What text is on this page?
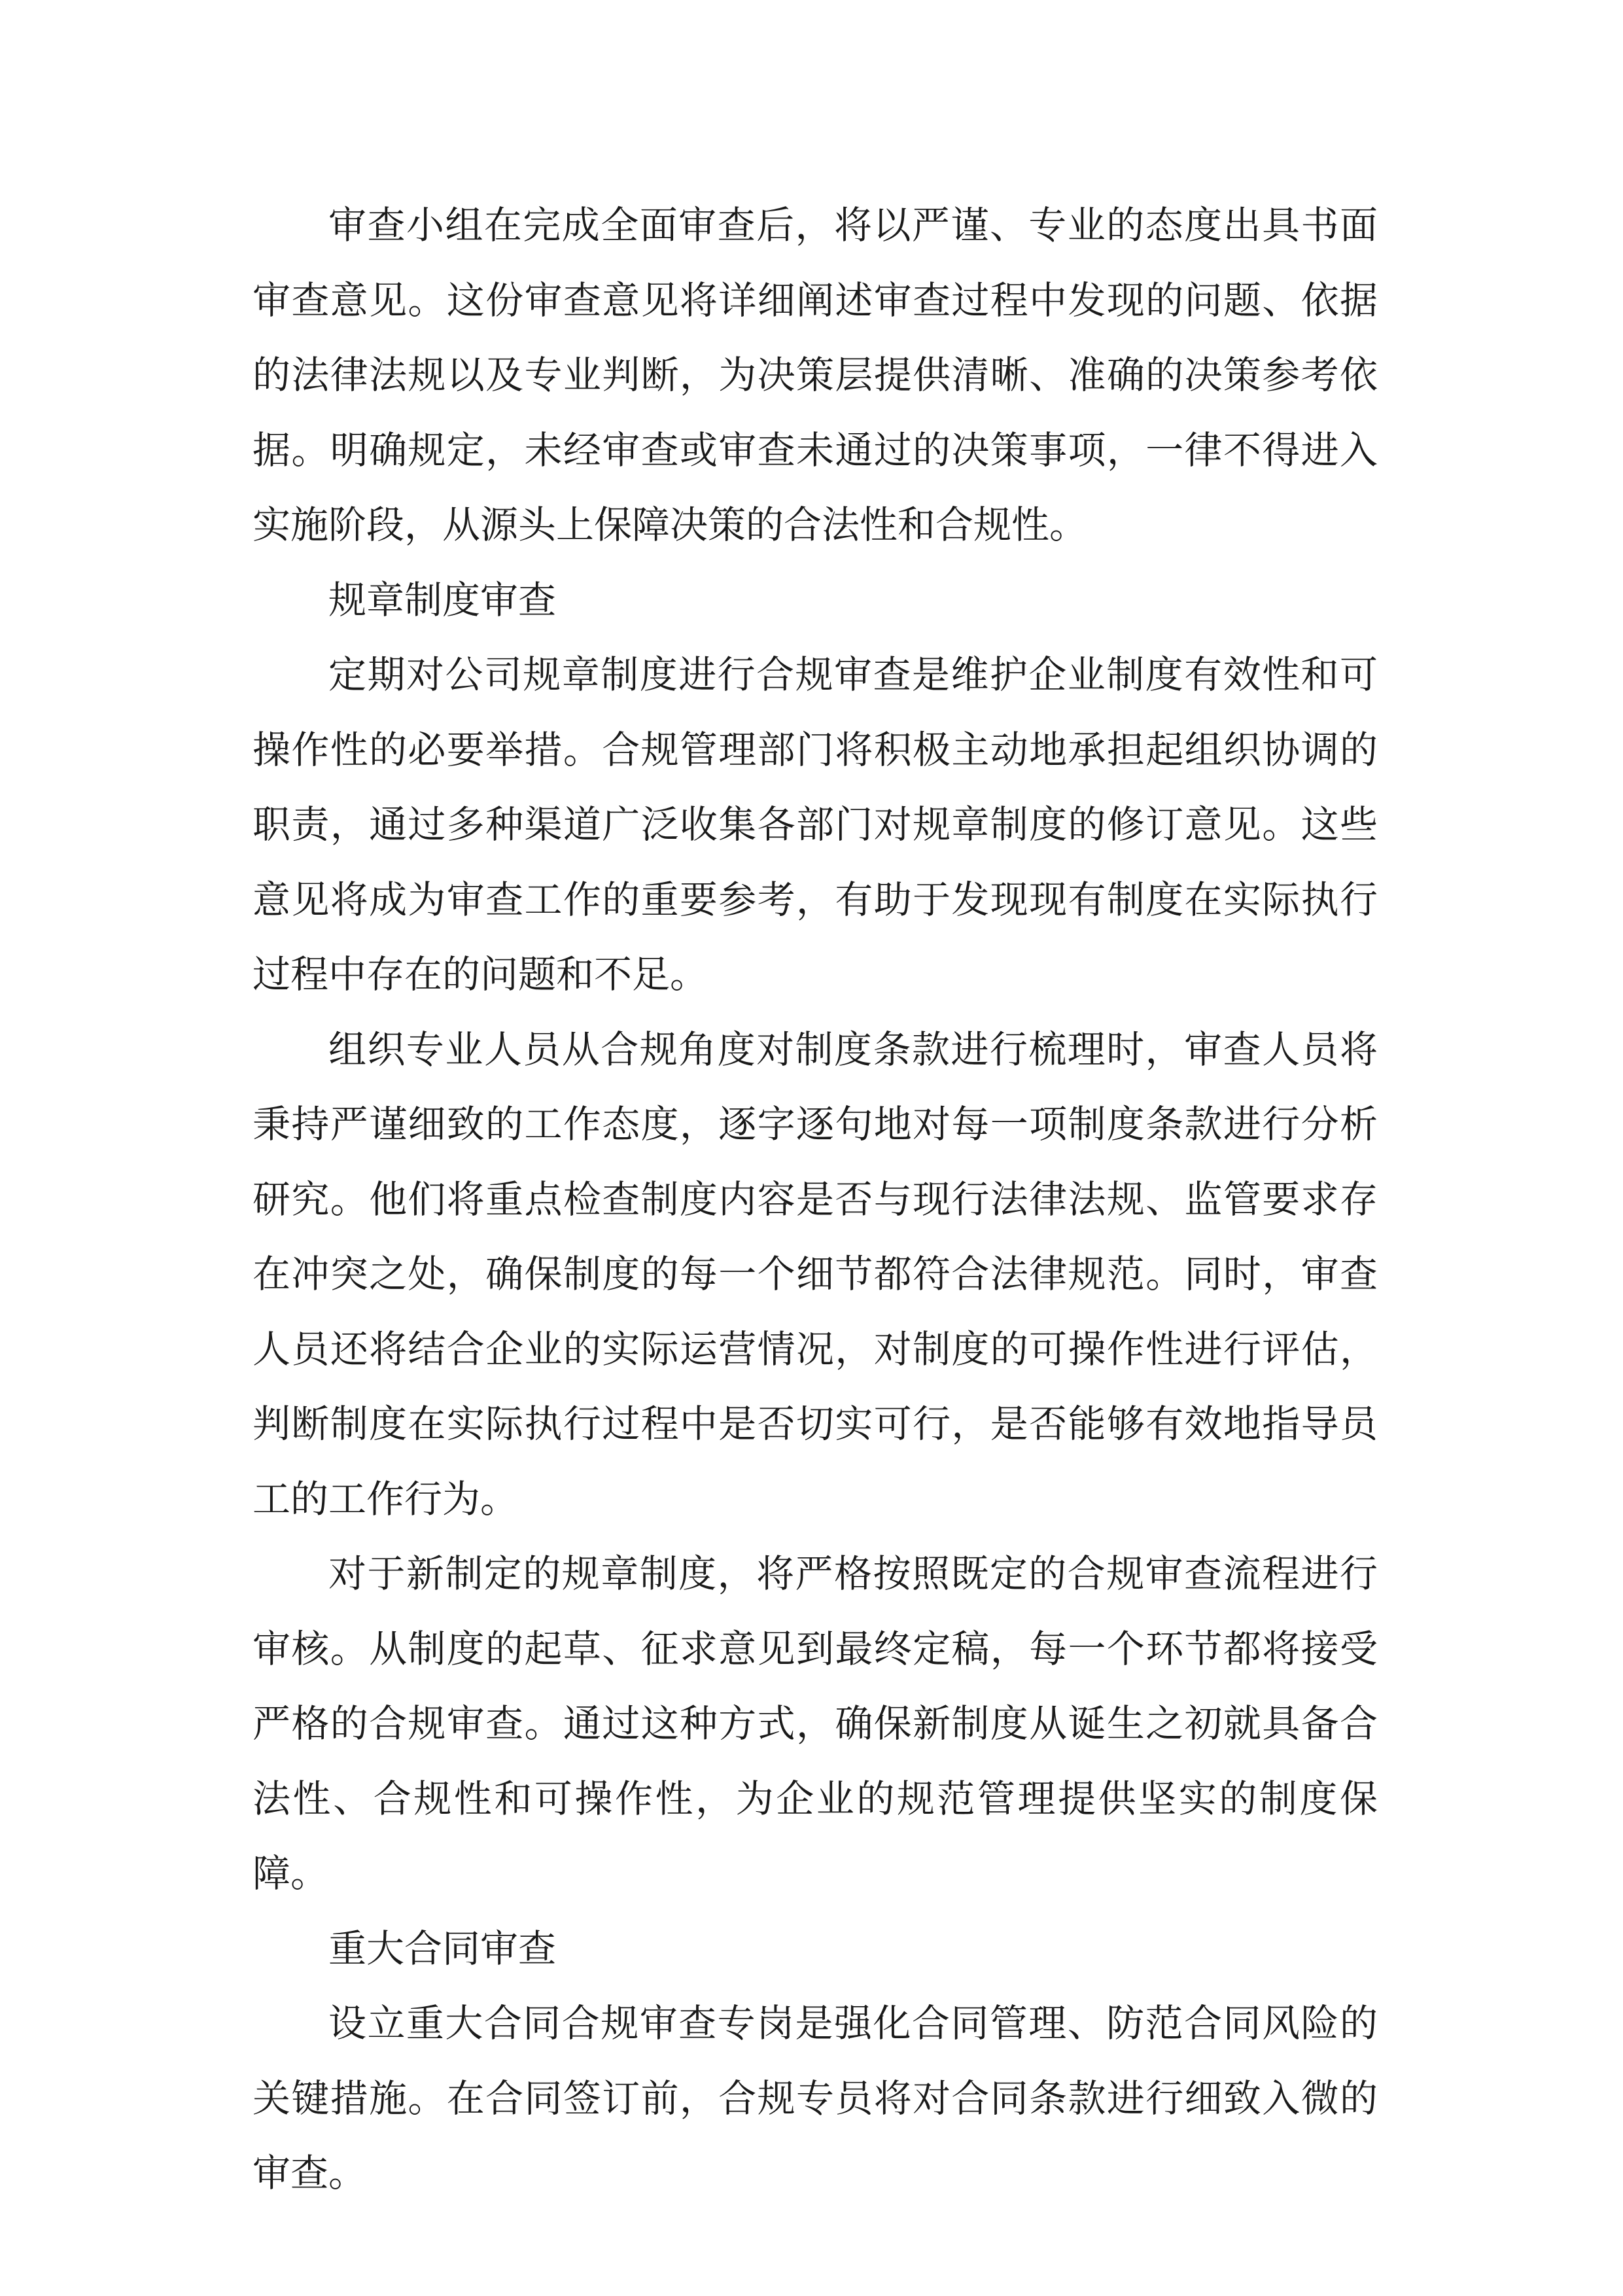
审查小组在完成全面审查后，将以严谨、专业的态度出具书面审查意见。这份审查意见将详细阐述审查过程中发现的问题、依据的法律法规以及专业判断，为决策层提供清晰、准确的决策参考依据。明确规定，未经审查或审查未通过的决策事项，一律不得进入实施阶段，从源头上保障决策的合法性和合规性。

规章制度审查

定期对公司规章制度进行合规审查是维护企业制度有效性和可操作性的必要举措。合规管理部门将积极主动地承担起组织协调的职责，通过多种渠道广泛收集各部门对规章制度的修订意见。这些意见将成为审查工作的重要参考，有助于发现现有制度在实际执行过程中存在的问题和不足。

组织专业人员从合规角度对制度条款进行梳理时，审查人员将秉持严谨细致的工作态度，逐字逐句地对每一项制度条款进行分析研究。他们将重点检查制度内容是否与现行法律法规、监管要求存在冲突之处，确保制度的每一个细节都符合法律规范。同时，审查人员还将结合企业的实际运营情况，对制度的可操作性进行评估，判断制度在实际执行过程中是否切实可行，是否能够有效地指导员工的工作行为。

对于新制定的规章制度，将严格按照既定的合规审查流程进行审核。从制度的起草、征求意见到最终定稿，每一个环节都将接受严格的合规审查。通过这种方式，确保新制度从诞生之初就具备合法性、合规性和可操作性，为企业的规范管理提供坚实的制度保障。

重大合同审查

设立重大合同合规审查专岗是强化合同管理、防范合同风险的关键措施。在合同签订前，合规专员将对合同条款进行细致入微的审查。
